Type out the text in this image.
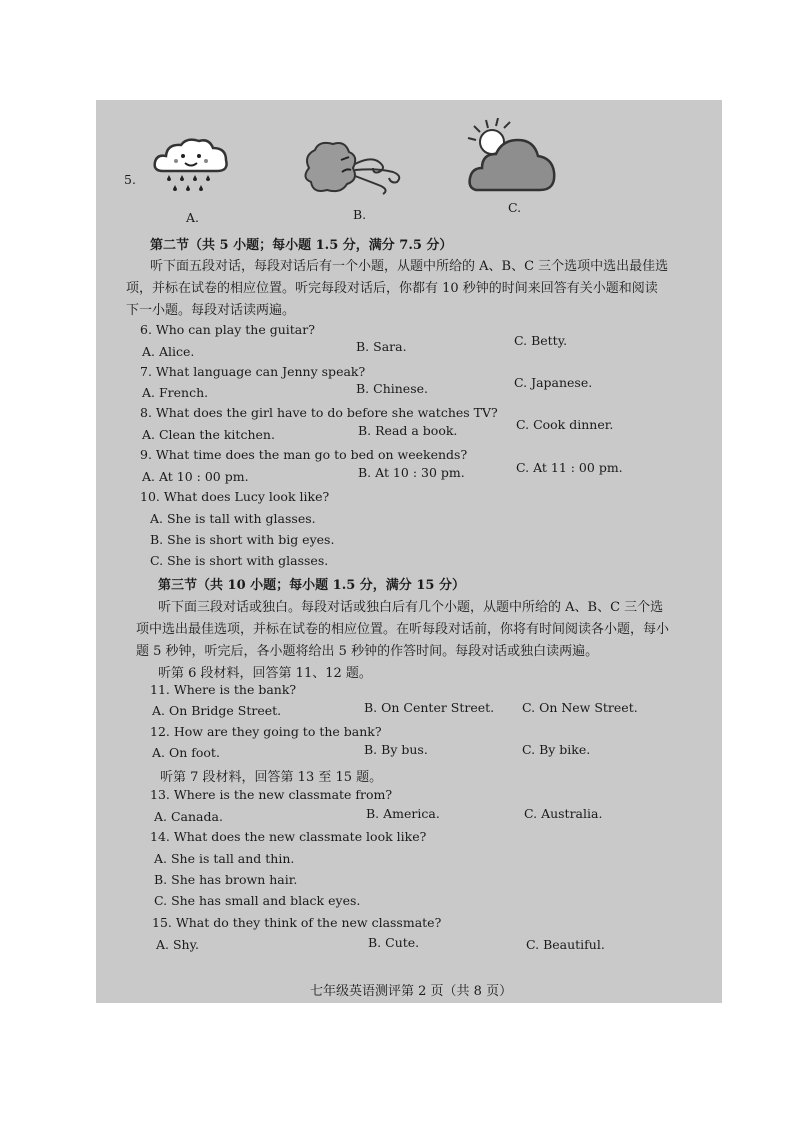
5.
A.	B.	C.
第二节（共 5 小题；每小题 1.5 分，满分 7.5 分）
听下面五段对话，每段对话后有一个小题，从题中所给的 A、B、C 三个选项中选出最佳选
项，并标在试卷的相应位置。听完每段对话后，你都有 10 秒钟的时间来回答有关小题和阅读
下一小题。每段对话读两遍。
6. Who can play the guitar?
A. Alice.	B. Sara.	C. Betty.
7. What language can Jenny speak?
A. French.	B. Chinese.	C. Japanese.
8. What does the girl have to do before she watches TV?
A. Clean the kitchen.	B. Read a book.	C. Cook dinner.
9. What time does the man go to bed on weekends?
A. At 10 : 00 pm.	B. At 10 : 30 pm.	C. At 11 : 00 pm.
10. What does Lucy look like?
A. She is tall with glasses.
B. She is short with big eyes.
C. She is short with glasses.
第三节（共 10 小题；每小题 1.5 分，满分 15 分）
听下面三段对话或独白。每段对话或独白后有几个小题，从题中所给的 A、B、C 三个选
项中选出最佳选项，并标在试卷的相应位置。在听每段对话前，你将有时间阅读各小题，每小
题 5 秒钟，听完后，各小题将给出 5 秒钟的作答时间。每段对话或独白读两遍。
听第 6 段材料，回答第 11、12 题。
11. Where is the bank?
A. On Bridge Street.	B. On Center Street. C. On New Street.
12. How are they going to the bank?
A. On foot.	B. By bus.	C. By bike.
听第 7 段材料，回答第 13 至 15 题。
13. Where is the new classmate from?
A. Canada.	B. America.	C. Australia.
14. What does the new classmate look like?
A. She is tall and thin.
B. She has brown hair.
C. She has small and black eyes.
15. What do they think of the new classmate?
A. Shy.	B. Cute.	C. Beautiful.
七年级英语测评第 2 页（共 8 页）
